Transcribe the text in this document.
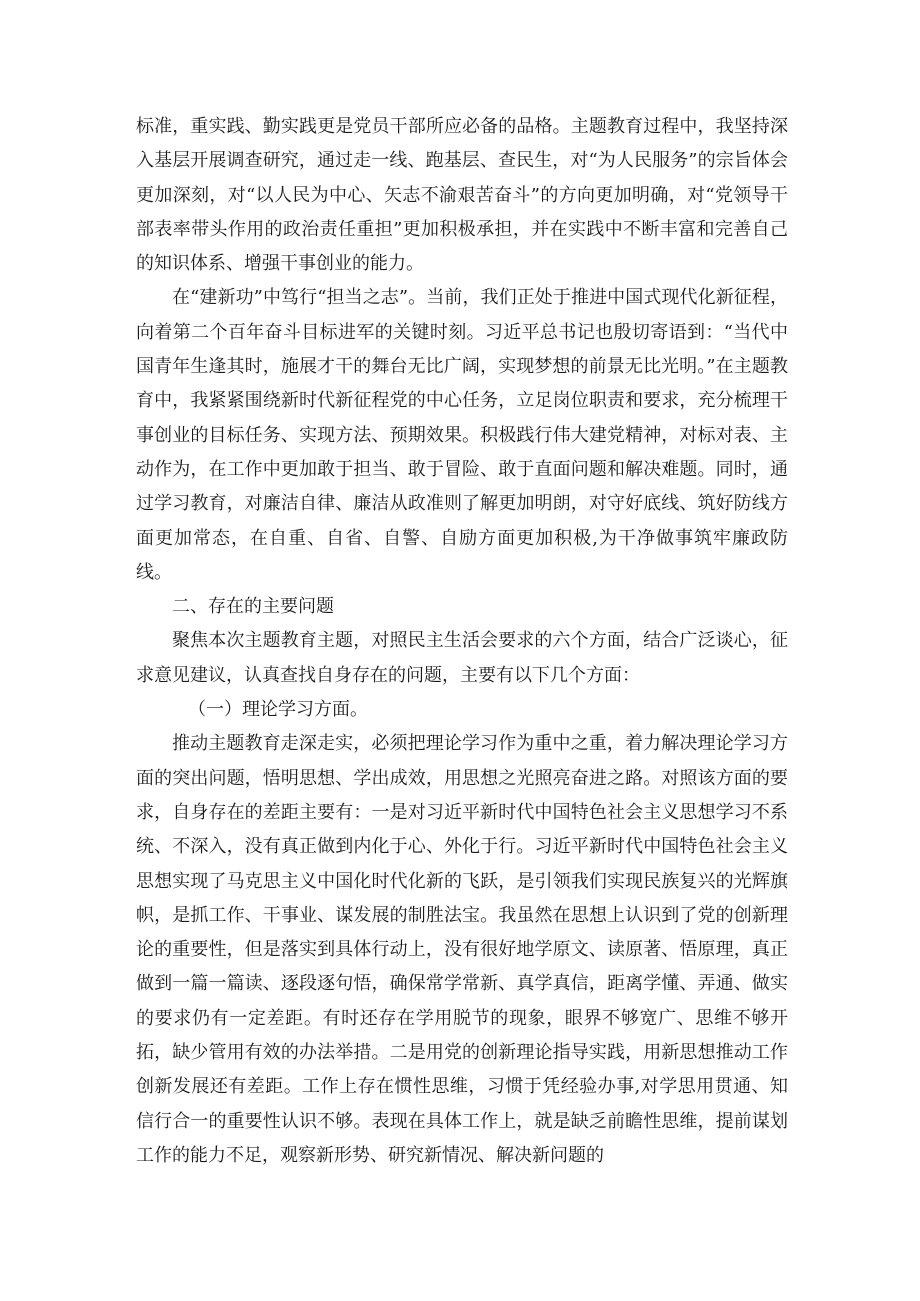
标准，重实践、勤实践更是党员干部所应必备的品格。主题教育过程中，我坚持深入基层开展调查研究，通过走一线、跑基层、查民生，对“为人民服务”的宗旨体会更加深刻，对“以人民为中心、矢志不渝艰苦奋斗”的方向更加明确，对“党领导干部表率带头作用的政治责任重担”更加积极承担，并在实践中不断丰富和完善自己的知识体系、增强干事创业的能力。

在“建新功”中笃行“担当之志”。当前，我们正处于推进中国式现代化新征程，向着第二个百年奋斗目标进军的关键时刻。习近平总书记也殷切寄语到：“当代中国青年生逢其时，施展才干的舞台无比广阔，实现梦想的前景无比光明。”在主题教育中，我紧紧围绕新时代新征程党的中心任务，立足岗位职责和要求，充分梳理干事创业的目标任务、实现方法、预期效果。积极践行伟大建党精神，对标对表、主动作为，在工作中更加敢于担当、敢于冒险、敢于直面问题和解决难题。同时，通过学习教育，对廉洁自律、廉洁从政准则了解更加明朗，对守好底线、筑好防线方面更加常态，在自重、自省、自警、自励方面更加积极,为干净做事筑牢廉政防线。

二、存在的主要问题

聚焦本次主题教育主题，对照民主生活会要求的六个方面，结合广泛谈心，征求意见建议，认真查找自身存在的问题，主要有以下几个方面：

（一）理论学习方面。

推动主题教育走深走实，必须把理论学习作为重中之重，着力解决理论学习方面的突出问题，悟明思想、学出成效，用思想之光照亮奋进之路。对照该方面的要求，自身存在的差距主要有：一是对习近平新时代中国特色社会主义思想学习不系统、不深入，没有真正做到内化于心、外化于行。习近平新时代中国特色社会主义思想实现了马克思主义中国化时代化新的飞跃，是引领我们实现民族复兴的光辉旗帜，是抓工作、干事业、谋发展的制胜法宝。我虽然在思想上认识到了党的创新理论的重要性，但是落实到具体行动上，没有很好地学原文、读原著、悟原理，真正做到一篇一篇读、逐段逐句悟，确保常学常新、真学真信，距离学懂、弄通、做实的要求仍有一定差距。有时还存在学用脱节的现象，眼界不够宽广、思维不够开拓，缺少管用有效的办法举措。二是用党的创新理论指导实践，用新思想推动工作创新发展还有差距。工作上存在惯性思维，习惯于凭经验办事,对学思用贯通、知信行合一的重要性认识不够。表现在具体工作上，就是缺乏前瞻性思维，提前谋划工作的能力不足，观察新形势、研究新情况、解决新问题的
